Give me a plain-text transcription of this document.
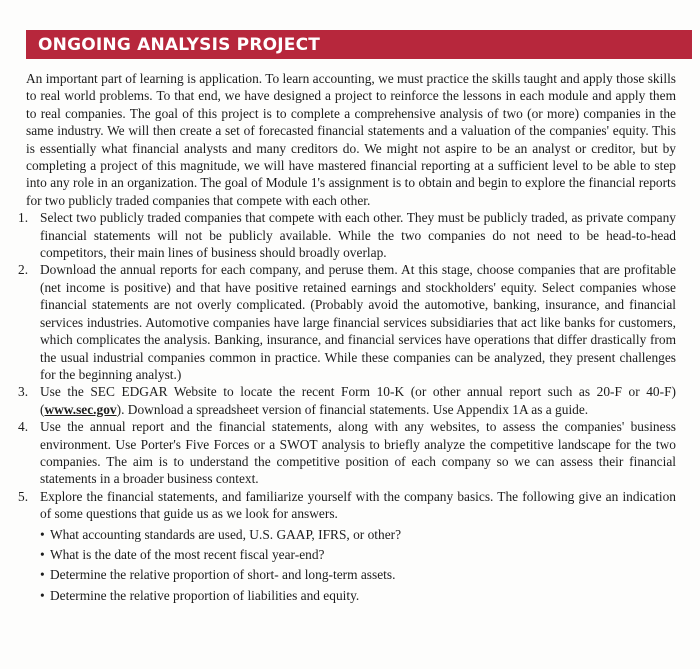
ONGOING ANALYSIS PROJECT

An important part of learning is application. To learn accounting, we must practice the skills taught and apply those skills to real world problems. To that end, we have designed a project to reinforce the lessons in each module and apply them to real companies. The goal of this project is to complete a comprehensive analysis of two (or more) companies in the same industry. We will then create a set of forecasted financial statements and a valuation of the companies' equity. This is essentially what financial analysts and many creditors do. We might not aspire to be an analyst or creditor, but by completing a project of this magnitude, we will have mastered financial reporting at a sufficient level to be able to step into any role in an organization. The goal of Module 1's assignment is to obtain and begin to explore the financial reports for two publicly traded companies that compete with each other.

1. Select two publicly traded companies that compete with each other. They must be publicly traded, as private company financial statements will not be publicly available. While the two companies do not need to be head-to-head competitors, their main lines of business should broadly overlap.
2. Download the annual reports for each company, and peruse them. At this stage, choose companies that are profitable (net income is positive) and that have positive retained earnings and stockholders' equity. Select companies whose financial statements are not overly complicated. (Probably avoid the automotive, banking, insurance, and financial services industries. Automotive companies have large financial services subsidiaries that act like banks for customers, which complicates the analysis. Banking, insurance, and financial services have operations that differ drastically from the usual industrial companies common in practice. While these companies can be analyzed, they present challenges for the beginning analyst.)
3. Use the SEC EDGAR Website to locate the recent Form 10-K (or other annual report such as 20-F or 40-F) (www.sec.gov). Download a spreadsheet version of financial statements. Use Appendix 1A as a guide.
4. Use the annual report and the financial statements, along with any websites, to assess the companies' business environment. Use Porter's Five Forces or a SWOT analysis to briefly analyze the competitive landscape for the two companies. The aim is to understand the competitive position of each company so we can assess their financial statements in a broader business context.
5. Explore the financial statements, and familiarize yourself with the company basics. The following give an indication of some questions that guide us as we look for answers.
• What accounting standards are used, U.S. GAAP, IFRS, or other?
• What is the date of the most recent fiscal year-end?
• Determine the relative proportion of short- and long-term assets.
• Determine the relative proportion of liabilities and equity.
